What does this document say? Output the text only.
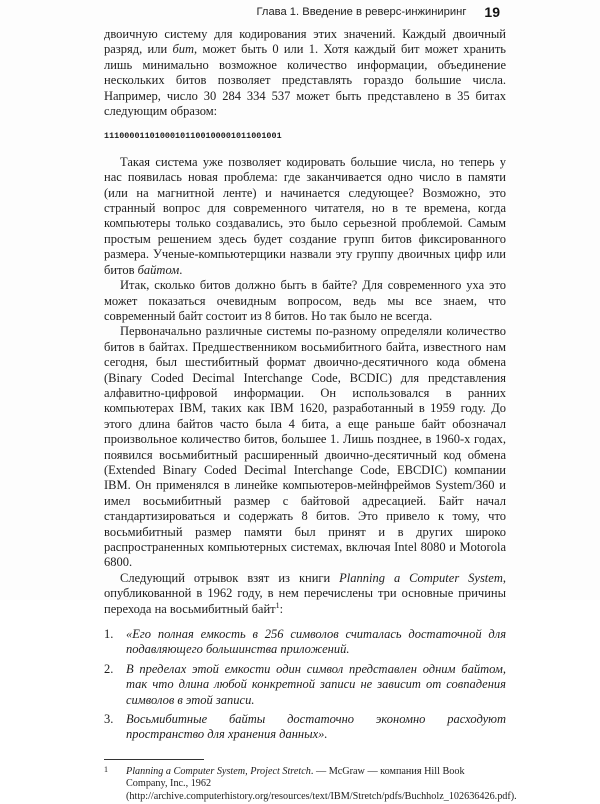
Глава 1. Введение в реверс-инжиниринг 19

двоичную систему для кодирования этих значений. Каждый двоичный разряд, или бит, может быть 0 или 1. Хотя каждый бит может хранить лишь минимально возможное количество информации, объединение нескольких битов позволяет представлять гораздо большие числа. Например, число 30 284 334 537 может быть представлено в 35 битах следующим образом:

11100001101000101100100001011001001

Такая система уже позволяет кодировать большие числа, но теперь у нас появилась новая проблема: где заканчивается одно число в памяти (или на магнитной ленте) и начинается следующее? Возможно, это странный вопрос для современного читателя, но в те времена, когда компьютеры только создавались, это было серьезной проблемой. Самым простым решением здесь будет создание групп битов фиксированного размера. Ученые-компьютерщики назвали эту группу двоичных цифр или битов байтом.

Итак, сколько битов должно быть в байте? Для современного уха это может показаться очевидным вопросом, ведь мы все знаем, что современный байт состоит из 8 битов. Но так было не всегда.

Первоначально различные системы по-разному определяли количество битов в байтах. Предшественником восьмибитного байта, известного нам сегодня, был шестибитный формат двоично-десятичного кода обмена (Binary Coded Decimal Interchange Code, BCDIC) для представления алфавитно-цифровой информации. Он использовался в ранних компьютерах IBM, таких как IBM 1620, разработанный в 1959 году. До этого длина байтов часто была 4 бита, а еще раньше байт обозначал произвольное количество битов, большее 1. Лишь позднее, в 1960-х годах, появился восьмибитный расширенный двоично-десятичный код обмена (Extended Binary Coded Decimal Interchange Code, EBCDIC) компании IBM. Он применялся в линейке компьютеров-мейнфреймов System/360 и имел восьмибитный размер с байтовой адресацией. Байт начал стандартизироваться и содержать 8 битов. Это привело к тому, что восьмибитный размер памяти был принят и в других широко распространенных компьютерных системах, включая Intel 8080 и Motorola 6800.

Следующий отрывок взят из книги Planning a Computer System, опубликованной в 1962 году, в нем перечислены три основные причины перехода на восьмибитный байт$^1$:

1. «Его полная емкость в 256 символов считалась достаточной для подавляющего большинства приложений.
2. В пределах этой емкости один символ представлен одним байтом, так что длина любой конкретной записи не зависит от совпадения символов в этой записи.
3. Восьмибитные байты достаточно экономно расходуют пространство для хранения данных».

1 Planning a Computer System, Project Stretch. — McGraw — компания Hill Book Company, Inc., 1962 (http://archive.computerhistory.org/resources/text/IBM/Stretch/pdfs/Buchholz_102636426.pdf).
